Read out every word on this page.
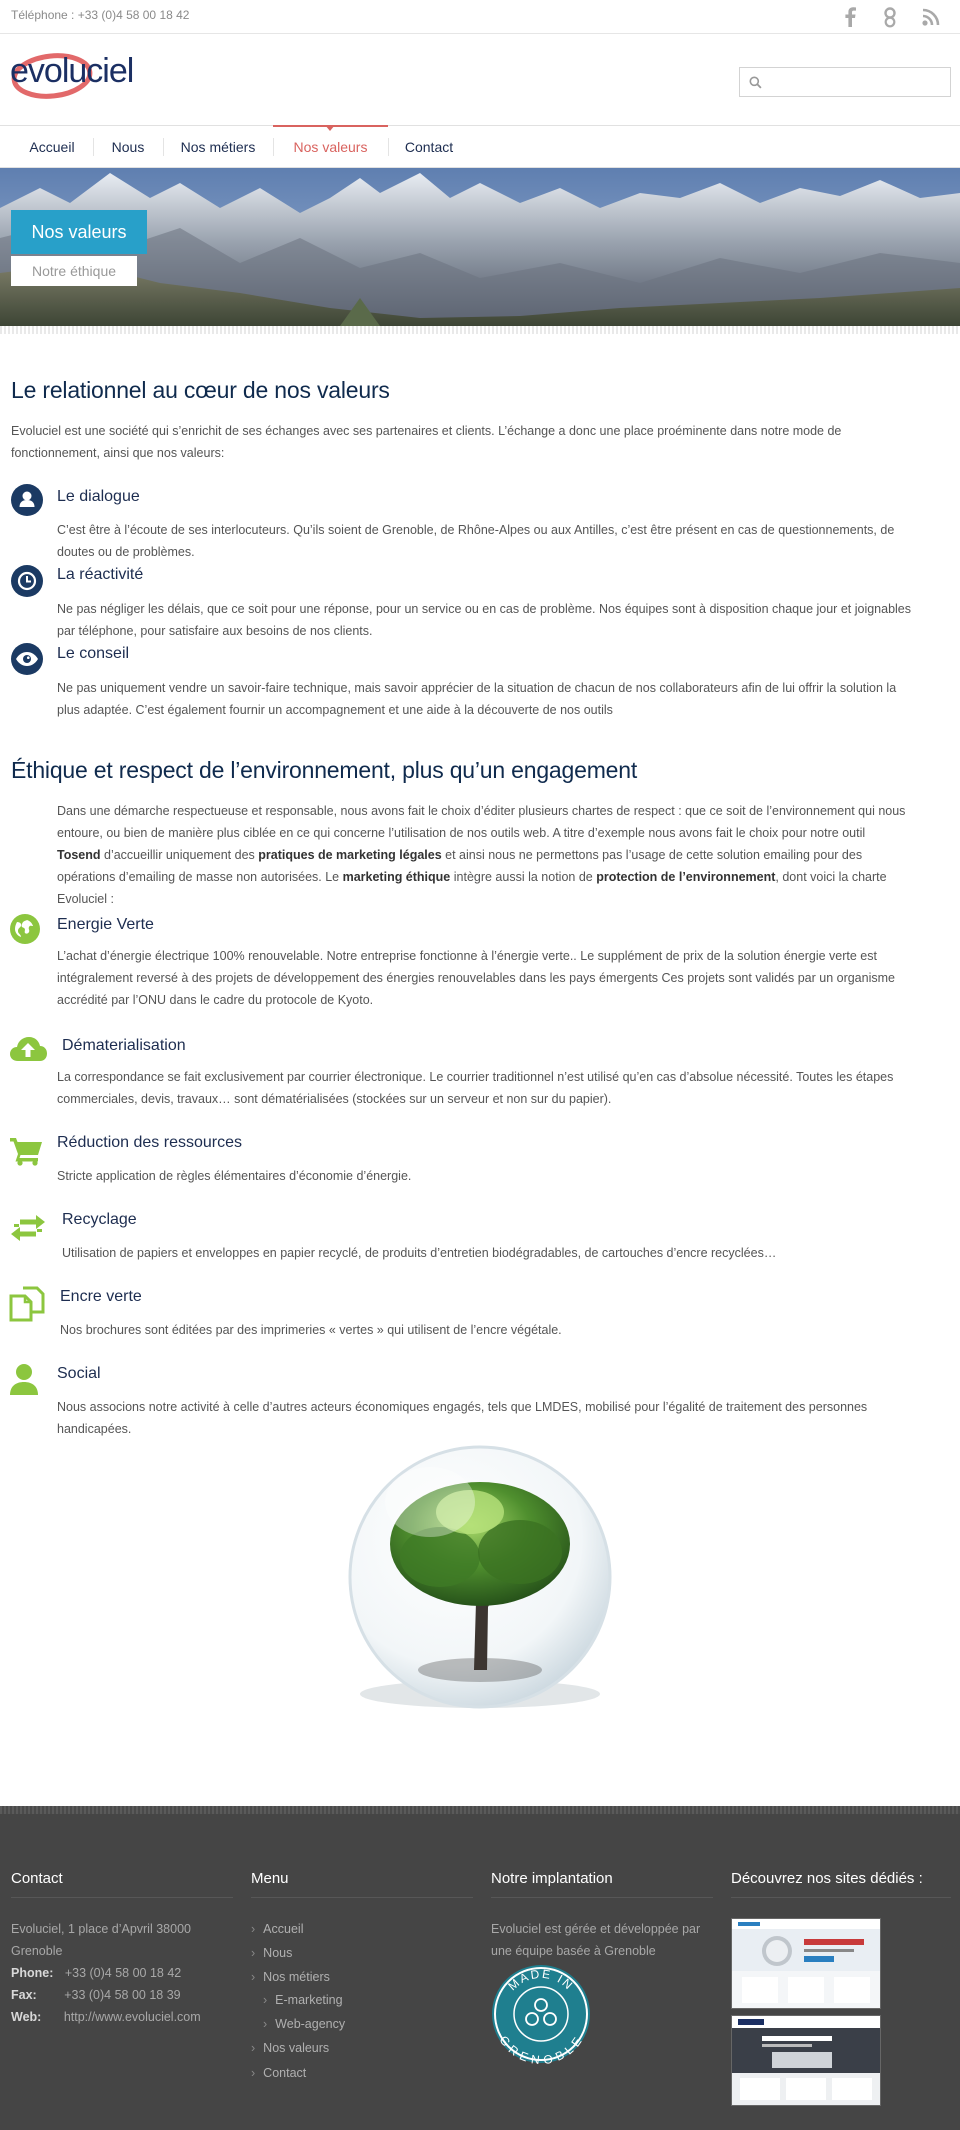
Téléphone : +33 (0)4 58 00 18 42
evoluciel
Accueil	Nous	Nos métiers	Nos valeurs	Contact
Nos valeurs
Notre éthique
Le relationnel au cœur de nos valeurs
Evoluciel est une société qui s’enrichit de ses échanges avec ses partenaires et clients. L’échange a donc une place proéminente dans notre mode de
fonctionnement, ainsi que nos valeurs:
Le dialogue
C’est être à l’écoute de ses interlocuteurs. Qu’ils soient de Grenoble, de Rhône-Alpes ou aux Antilles, c’est être présent en cas de questionnements, de
doutes ou de problèmes.
La réactivité
Ne pas négliger les délais, que ce soit pour une réponse, pour un service ou en cas de problème. Nos équipes sont à disposition chaque jour et joignables
par téléphone, pour satisfaire aux besoins de nos clients.
Le conseil
Ne pas uniquement vendre un savoir-faire technique, mais savoir apprécier de la situation de chacun de nos collaborateurs afin de lui offrir la solution la
plus adaptée. C’est également fournir un accompagnement et une aide à la découverte de nos outils
Éthique et respect de l’environnement, plus qu’un engagement
Dans une démarche respectueuse et responsable, nous avons fait le choix d’éditer plusieurs chartes de respect : que ce soit de l’environnement qui nous
entoure, ou bien de manière plus ciblée en ce qui concerne l’utilisation de nos outils web. A titre d’exemple nous avons fait le choix pour notre outil
Tosend d’accueillir uniquement des pratiques de marketing légales et ainsi nous ne permettons pas l’usage de cette solution emailing pour des
opérations d’emailing de masse non autorisées. Le marketing éthique intègre aussi la notion de protection de l’environnement, dont voici la charte
Evoluciel :
Energie Verte
L’achat d’énergie électrique 100% renouvelable. Notre entreprise fonctionne à l’énergie verte.. Le supplément de prix de la solution énergie verte est
intégralement reversé à des projets de développement des énergies renouvelables dans les pays émergents Ces projets sont validés par un organisme
accrédité par l’ONU dans le cadre du protocole de Kyoto.
Dématerialisation
La correspondance se fait exclusivement par courrier électronique. Le courrier traditionnel n’est utilisé qu’en cas d’absolue nécessité. Toutes les étapes
commerciales, devis, travaux… sont dématérialisées (stockées sur un serveur et non sur du papier).
Réduction des ressources
Stricte application de règles élémentaires d’économie d’énergie.
Recyclage
Utilisation de papiers et enveloppes en papier recyclé, de produits d’entretien biodégradables, de cartouches d’encre recyclées…
Encre verte
Nos brochures sont éditées par des imprimeries « vertes » qui utilisent de l’encre végétale.
Social
Nous associons notre activité à celle d’autres acteurs économiques engagés, tels que LMDES, mobilisé pour l’égalité de traitement des personnes
handicapées.
Contact
Evoluciel, 1 place d’Apvril 38000
Grenoble
Phone: +33 (0)4 58 00 18 42
Fax: +33 (0)4 58 00 18 39
Web: http://www.evoluciel.com
Menu
› Accueil
› Nous
› Nos métiers
› E-marketing
› Web-agency
› Nos valeurs
› Contact
Notre implantation
Evoluciel est gérée et développée par
une équipe basée à Grenoble
MADE IN
GRENOBLE
Découvrez nos sites dédiés :
